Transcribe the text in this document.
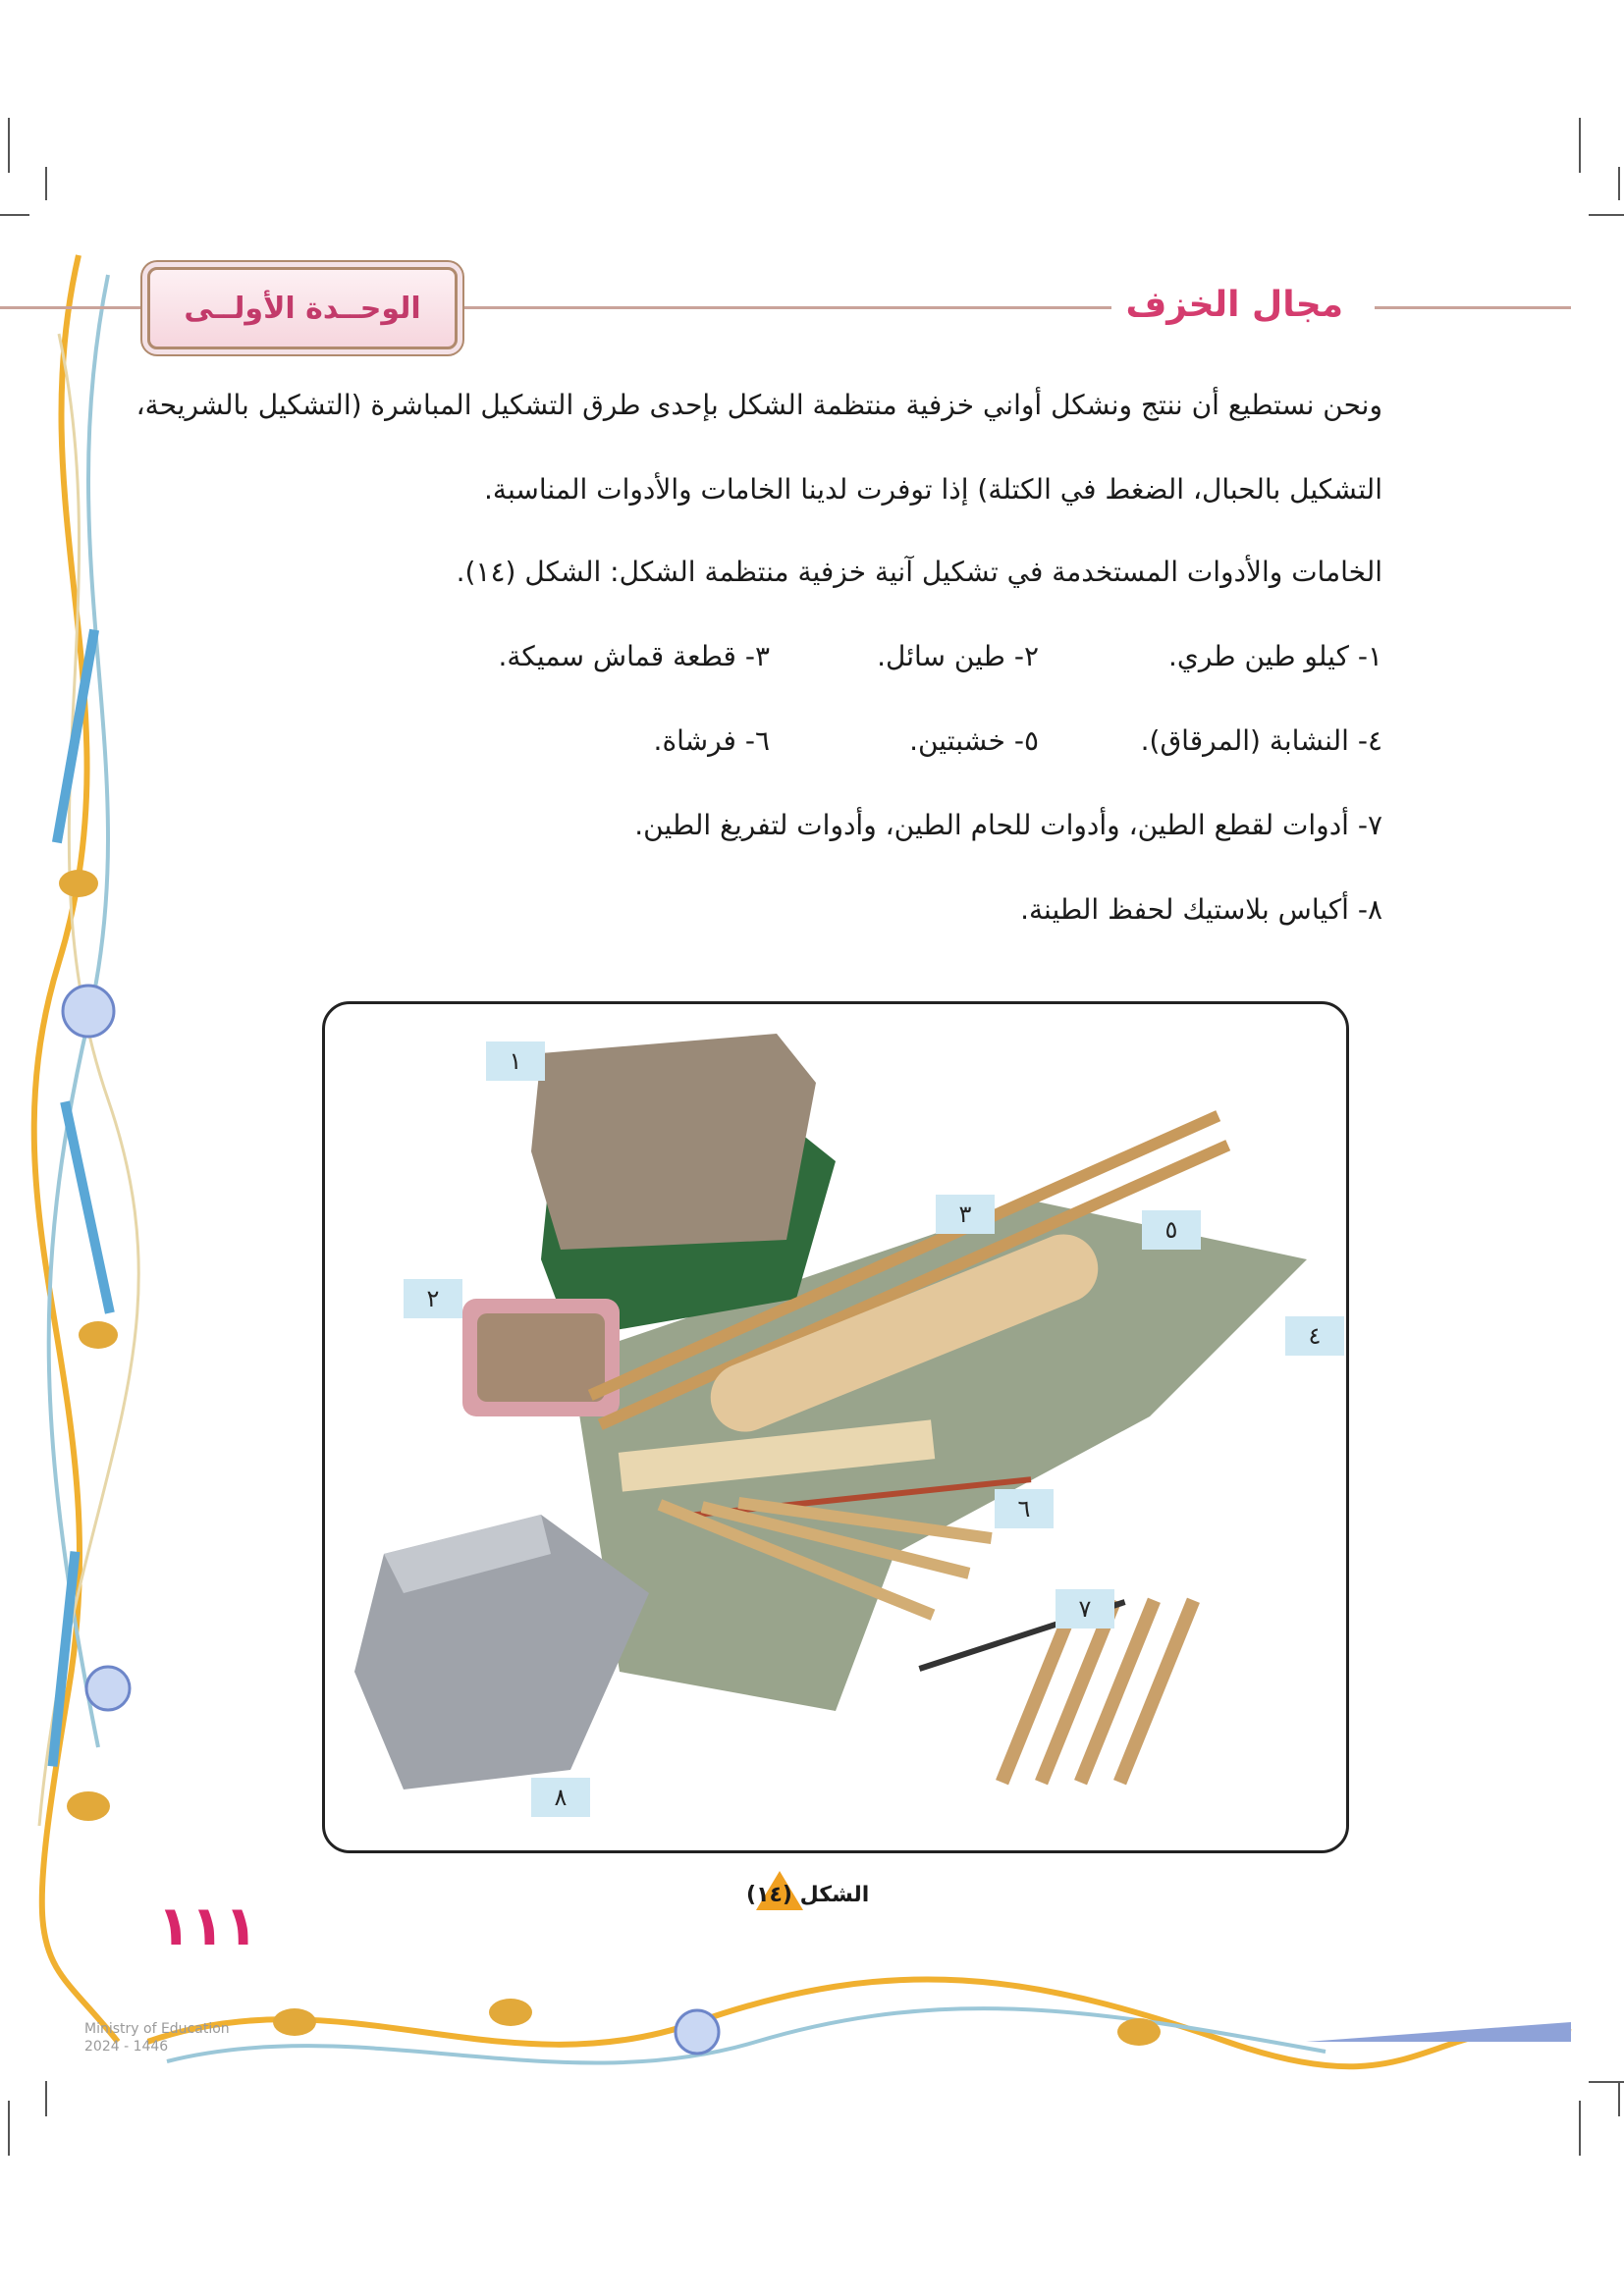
الوحــدة الأولــى	مجال الخزف
ونحن نستطيع أن ننتج ونشكل أواني خزفية منتظمة الشكل بإحدى طرق التشكيل المباشرة (التشكيل بالشريحة،
التشكيل بالحبال، الضغط في الكتلة) إذا توفرت لدينا الخامات والأدوات المناسبة.
الخامات والأدوات المستخدمة في تشكيل آنية خزفية منتظمة الشكل: الشكل (١٤).
١- كيلو طين طري.
٢- طين سائل.
٣- قطعة قماش سميكة.
٤- النشابة (المرقاق).
٥- خشبتين.
٦- فرشاة.
٧- أدوات لقطع الطين، وأدوات للحام الطين، وأدوات لتفريغ الطين.
٨- أكياس بلاستيك لحفظ الطينة.
١
٢
٣
٤
٥
٦
٧
٨
الشكل (١٤)
١١١
Ministry of Education
2024 - 1446
